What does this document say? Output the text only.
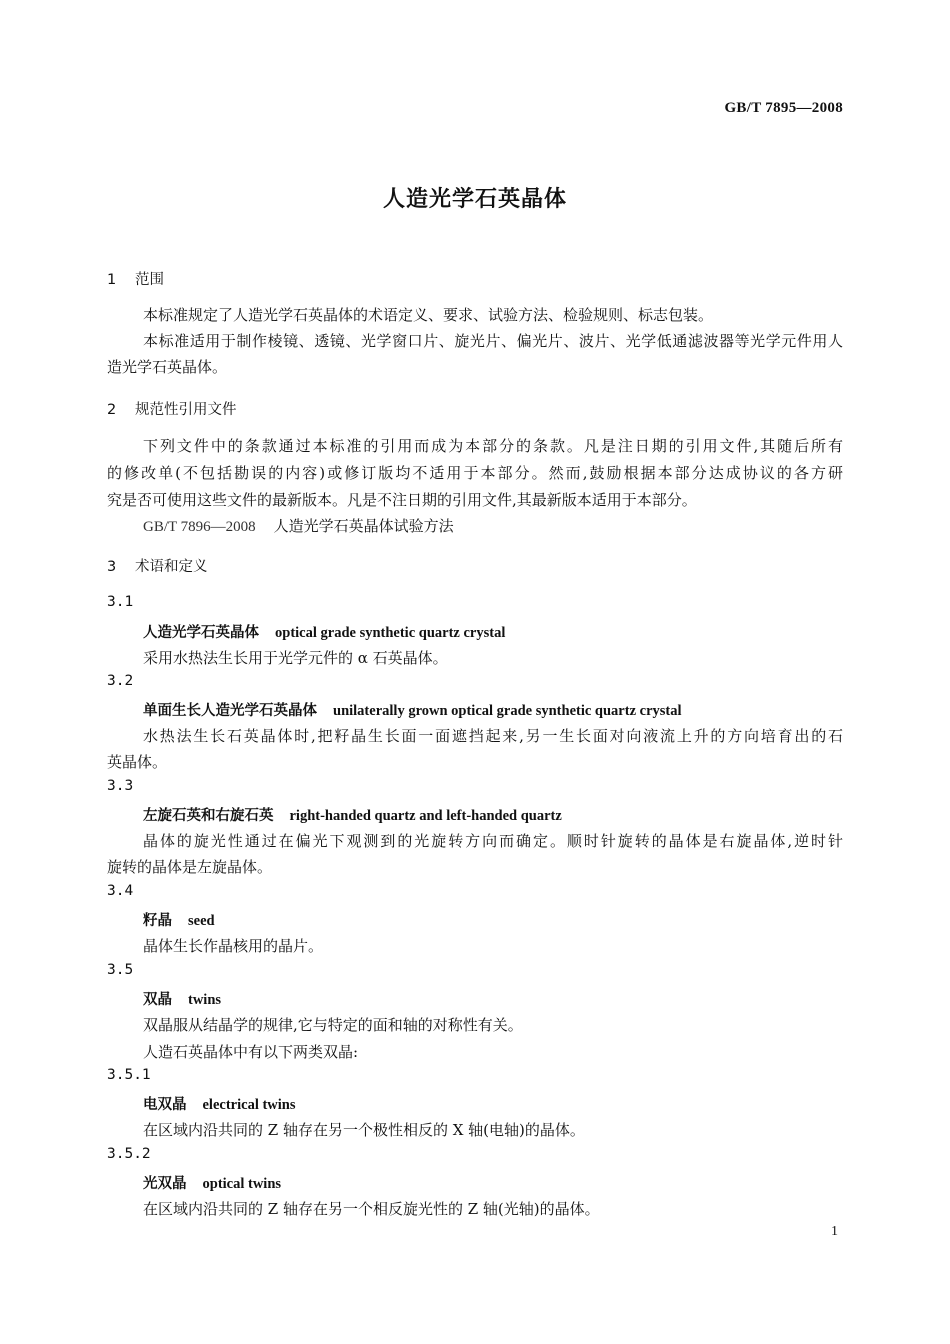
GB/T 7895—2008
人造光学石英晶体
1 范围
本标准规定了人造光学石英晶体的术语定义、要求、试验方法、检验规则、标志包装。
本标准适用于制作棱镜、透镜、光学窗口片、旋光片、偏光片、波片、光学低通滤波器等光学元件用人
造光学石英晶体。
2 规范性引用文件
下列文件中的条款通过本标准的引用而成为本部分的条款。凡是注日期的引用文件,其随后所有
的修改单(不包括勘误的内容)或修订版均不适用于本部分。然而,鼓励根据本部分达成协议的各方研
究是否可使用这些文件的最新版本。凡是不注日期的引用文件,其最新版本适用于本部分。
GB/T 7896—2008 人造光学石英晶体试验方法
3 术语和定义
3.1
人造光学石英晶体 optical grade synthetic quartz crystal
采用水热法生长用于光学元件的 α 石英晶体。
3.2
单面生长人造光学石英晶体 unilaterally grown optical grade synthetic quartz crystal
水热法生长石英晶体时,把籽晶生长面一面遮挡起来,另一生长面对向液流上升的方向培育出的石
英晶体。
3.3
左旋石英和右旋石英 right-handed quartz and left-handed quartz
晶体的旋光性通过在偏光下观测到的光旋转方向而确定。顺时针旋转的晶体是右旋晶体,逆时针
旋转的晶体是左旋晶体。
3.4
籽晶 seed
晶体生长作晶核用的晶片。
3.5
双晶 twins
双晶服从结晶学的规律,它与特定的面和轴的对称性有关。
人造石英晶体中有以下两类双晶:
3.5.1
电双晶 electrical twins
在区域内沿共同的 Z 轴存在另一个极性相反的 X 轴(电轴)的晶体。
3.5.2
光双晶 optical twins
在区域内沿共同的 Z 轴存在另一个相反旋光性的 Z 轴(光轴)的晶体。
1
